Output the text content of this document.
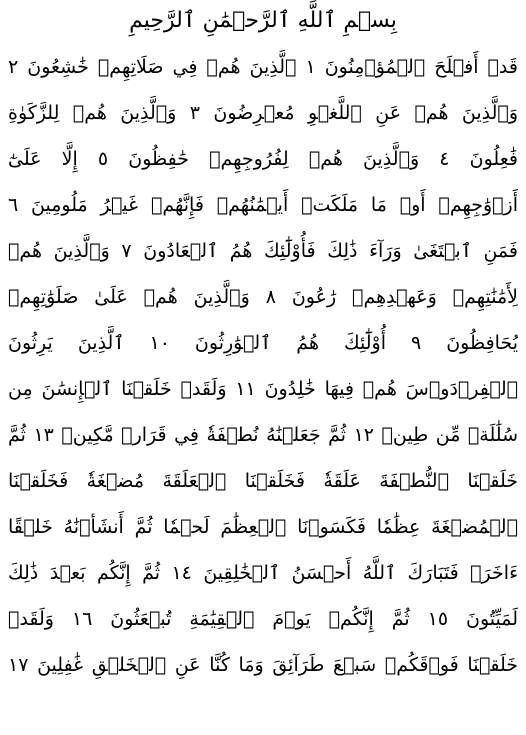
بِسۡمِ ٱللَّهِ ٱلرَّحۡمَٰنِ ٱلرَّحِيمِ
قَدۡ أَفۡلَحَ ٱلۡمُؤۡمِنُونَ ١ ٱلَّذِينَ هُمۡ فِي صَلَاتِهِمۡ خَٰشِعُونَ ٢
وَٱلَّذِينَ هُمۡ عَنِ ٱللَّغۡوِ مُعۡرِضُونَ ٣ وَٱلَّذِينَ هُمۡ لِلزَّكَوٰةِ
فَٰعِلُونَ ٤ وَٱلَّذِينَ هُمۡ لِفُرُوجِهِمۡ حَٰفِظُونَ ٥ إِلَّا عَلَىٰٓ
أَزۡوَٰجِهِمۡ أَوۡ مَا مَلَكَتۡ أَيۡمَٰنُهُمۡ فَإِنَّهُمۡ غَيۡرُ مَلُومِينَ ٦
فَمَنِ ٱبۡتَغَىٰ وَرَآءَ ذَٰلِكَ فَأُوْلَٰٓئِكَ هُمُ ٱلۡعَادُونَ ٧ وَٱلَّذِينَ هُمۡ
لِأَمَٰنَٰتِهِمۡ وَعَهۡدِهِمۡ رَٰعُونَ ٨ وَٱلَّذِينَ هُمۡ عَلَىٰ صَلَوَٰتِهِمۡ
يُحَافِظُونَ ٩ أُوْلَٰٓئِكَ هُمُ ٱلۡوَٰرِثُونَ ١٠ ٱلَّذِينَ يَرِثُونَ
ٱلۡفِرۡدَوۡسَ هُمۡ فِيهَا خَٰلِدُونَ ١١ وَلَقَدۡ خَلَقۡنَا ٱلۡإِنسَٰنَ مِن
سُلَٰلَةٖ مِّن طِينٖ ١٢ ثُمَّ جَعَلۡنَٰهُ نُطۡفَةٗ فِي قَرَارٖ مَّكِينٖ ١٣ ثُمَّ
خَلَقۡنَا ٱلنُّطۡفَةَ عَلَقَةٗ فَخَلَقۡنَا ٱلۡعَلَقَةَ مُضۡغَةٗ فَخَلَقۡنَا
ٱلۡمُضۡغَةَ عِظَٰمٗا فَكَسَوۡنَا ٱلۡعِظَٰمَ لَحۡمٗا ثُمَّ أَنشَأۡنَٰهُ خَلۡقًا
ءَاخَرَۚ فَتَبَارَكَ ٱللَّهُ أَحۡسَنُ ٱلۡخَٰلِقِينَ ١٤ ثُمَّ إِنَّكُم بَعۡدَ ذَٰلِكَ
لَمَيِّتُونَ ١٥ ثُمَّ إِنَّكُمۡ يَوۡمَ ٱلۡقِيَٰمَةِ تُبۡعَثُونَ ١٦ وَلَقَدۡ
خَلَقۡنَا فَوۡقَكُمۡ سَبۡعَ طَرَآئِقَ وَمَا كُنَّا عَنِ ٱلۡخَلۡقِ غَٰفِلِينَ ١٧
